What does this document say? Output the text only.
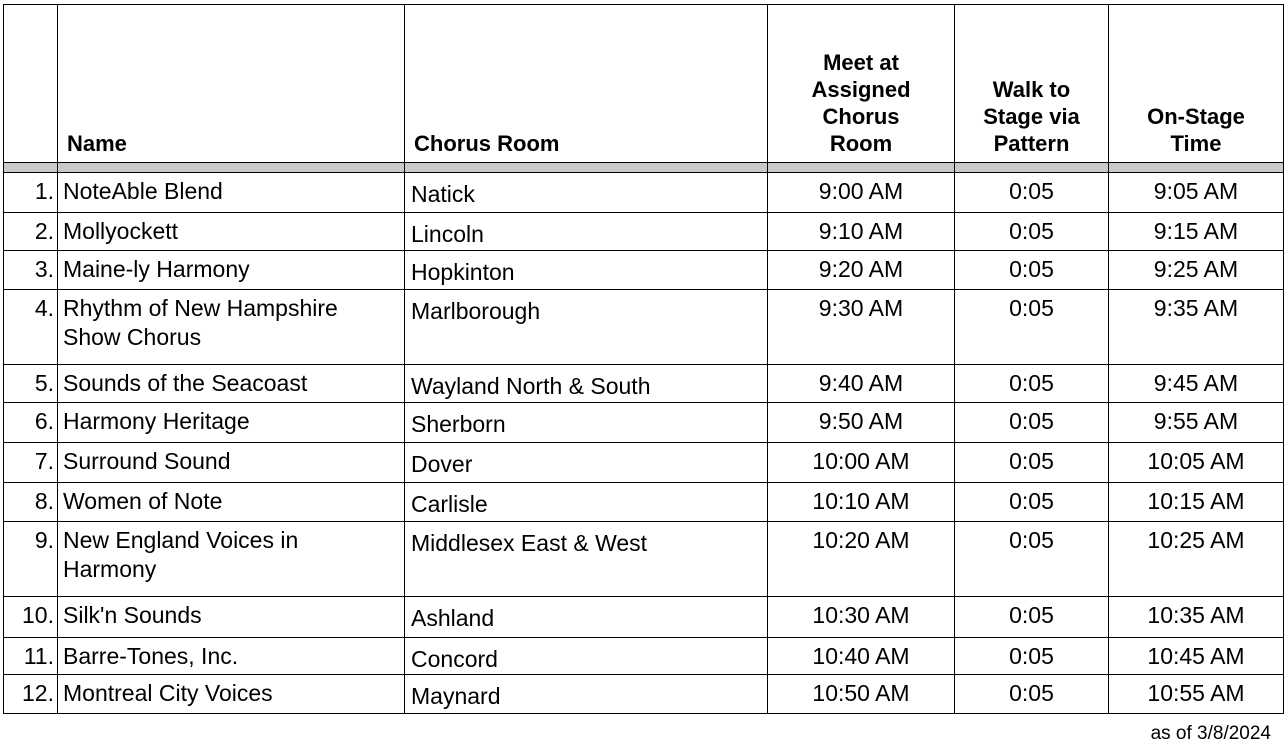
	Name	Chorus Room	Meet at Assigned Chorus Room	Walk to Stage via Pattern	On-Stage Time

1.	NoteAble Blend	Natick	9:00 AM	0:05	9:05 AM
2.	Mollyockett	Lincoln	9:10 AM	0:05	9:15 AM
3.	Maine-ly Harmony	Hopkinton	9:20 AM	0:05	9:25 AM
4.	Rhythm of New Hampshire Show Chorus	Marlborough	9:30 AM	0:05	9:35 AM
5.	Sounds of the Seacoast	Wayland North & South	9:40 AM	0:05	9:45 AM
6.	Harmony Heritage	Sherborn	9:50 AM	0:05	9:55 AM
7.	Surround Sound	Dover	10:00 AM	0:05	10:05 AM
8.	Women of Note	Carlisle	10:10 AM	0:05	10:15 AM
9.	New England Voices in Harmony	Middlesex East & West	10:20 AM	0:05	10:25 AM
10.	Silk'n Sounds	Ashland	10:30 AM	0:05	10:35 AM
11.	Barre-Tones, Inc.	Concord	10:40 AM	0:05	10:45 AM
12.	Montreal City Voices	Maynard	10:50 AM	0:05	10:55 AM
as of 3/8/2024
